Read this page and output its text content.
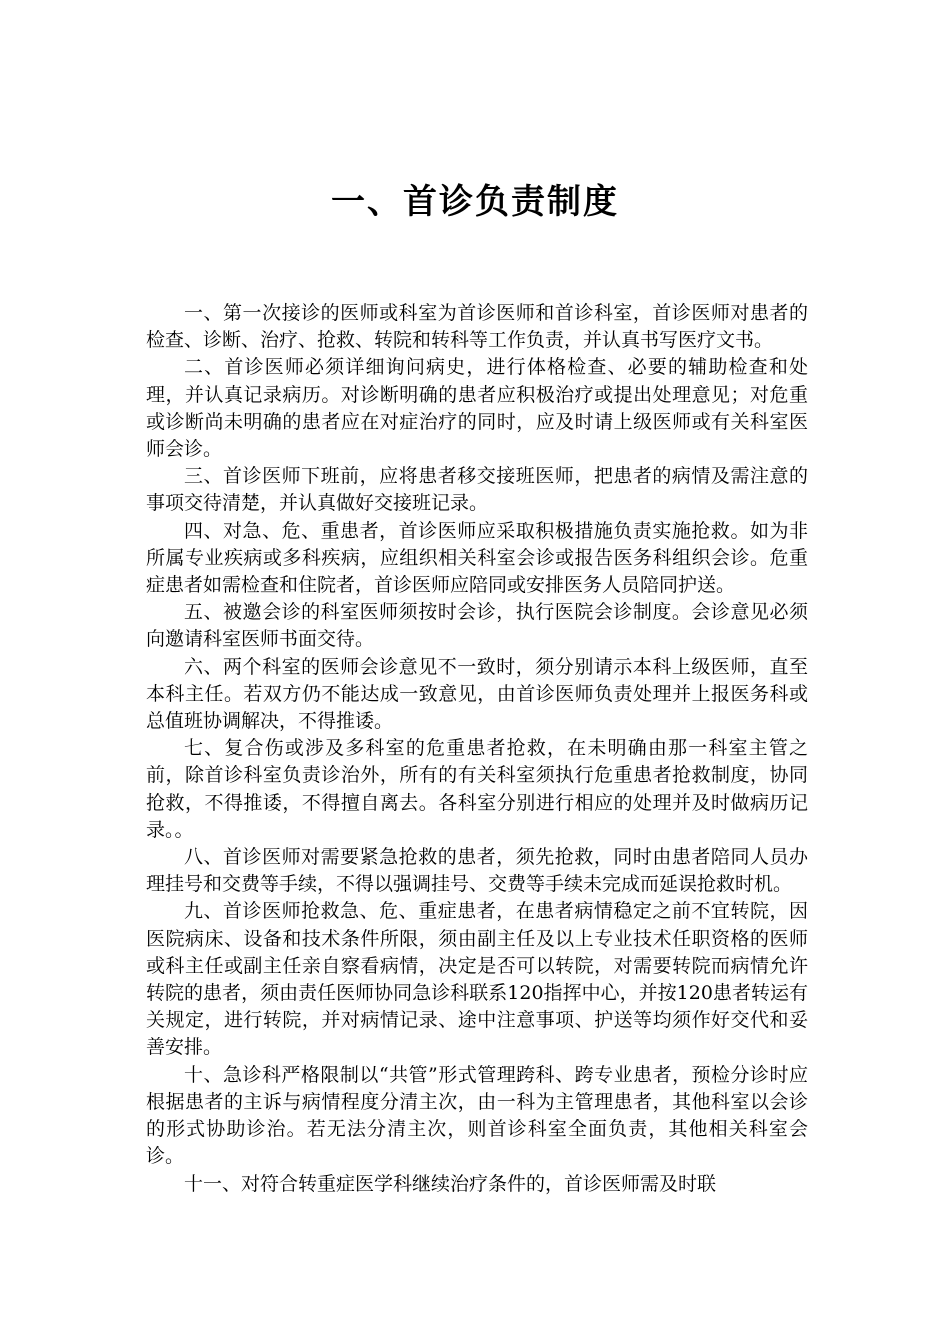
一、首诊负责制度

一、第一次接诊的医师或科室为首诊医师和首诊科室，首诊医师对患者的检查、诊断、治疗、抢救、转院和转科等工作负责，并认真书写医疗文书。

二、首诊医师必须详细询问病史，进行体格检查、必要的辅助检查和处理，并认真记录病历。对诊断明确的患者应积极治疗或提出处理意见；对危重或诊断尚未明确的患者应在对症治疗的同时，应及时请上级医师或有关科室医师会诊。

三、首诊医师下班前，应将患者移交接班医师，把患者的病情及需注意的事项交待清楚，并认真做好交接班记录。

四、对急、危、重患者，首诊医师应采取积极措施负责实施抢救。如为非所属专业疾病或多科疾病，应组织相关科室会诊或报告医务科组织会诊。危重症患者如需检查和住院者，首诊医师应陪同或安排医务人员陪同护送。

五、被邀会诊的科室医师须按时会诊，执行医院会诊制度。会诊意见必须向邀请科室医师书面交待。

六、两个科室的医师会诊意见不一致时，须分别请示本科上级医师，直至本科主任。若双方仍不能达成一致意见，由首诊医师负责处理并上报医务科或总值班协调解决，不得推诿。

七、复合伤或涉及多科室的危重患者抢救，在未明确由那一科室主管之前，除首诊科室负责诊治外，所有的有关科室须执行危重患者抢救制度，协同抢救，不得推诿，不得擅自离去。各科室分别进行相应的处理并及时做病历记录。。

八、首诊医师对需要紧急抢救的患者，须先抢救，同时由患者陪同人员办理挂号和交费等手续，不得以强调挂号、交费等手续未完成而延误抢救时机。

九、首诊医师抢救急、危、重症患者，在患者病情稳定之前不宜转院，因医院病床、设备和技术条件所限，须由副主任及以上专业技术任职资格的医师或科主任或副主任亲自察看病情，决定是否可以转院，对需要转院而病情允许转院的患者，须由责任医师协同急诊科联系120指挥中心，并按120患者转运有关规定，进行转院，并对病情记录、途中注意事项、护送等均须作好交代和妥善安排。

十、急诊科严格限制以“共管”形式管理跨科、跨专业患者，预检分诊时应根据患者的主诉与病情程度分清主次，由一科为主管理患者，其他科室以会诊的形式协助诊治。若无法分清主次，则首诊科室全面负责，其他相关科室会诊。

十一、对符合转重症医学科继续治疗条件的，首诊医师需及时联
